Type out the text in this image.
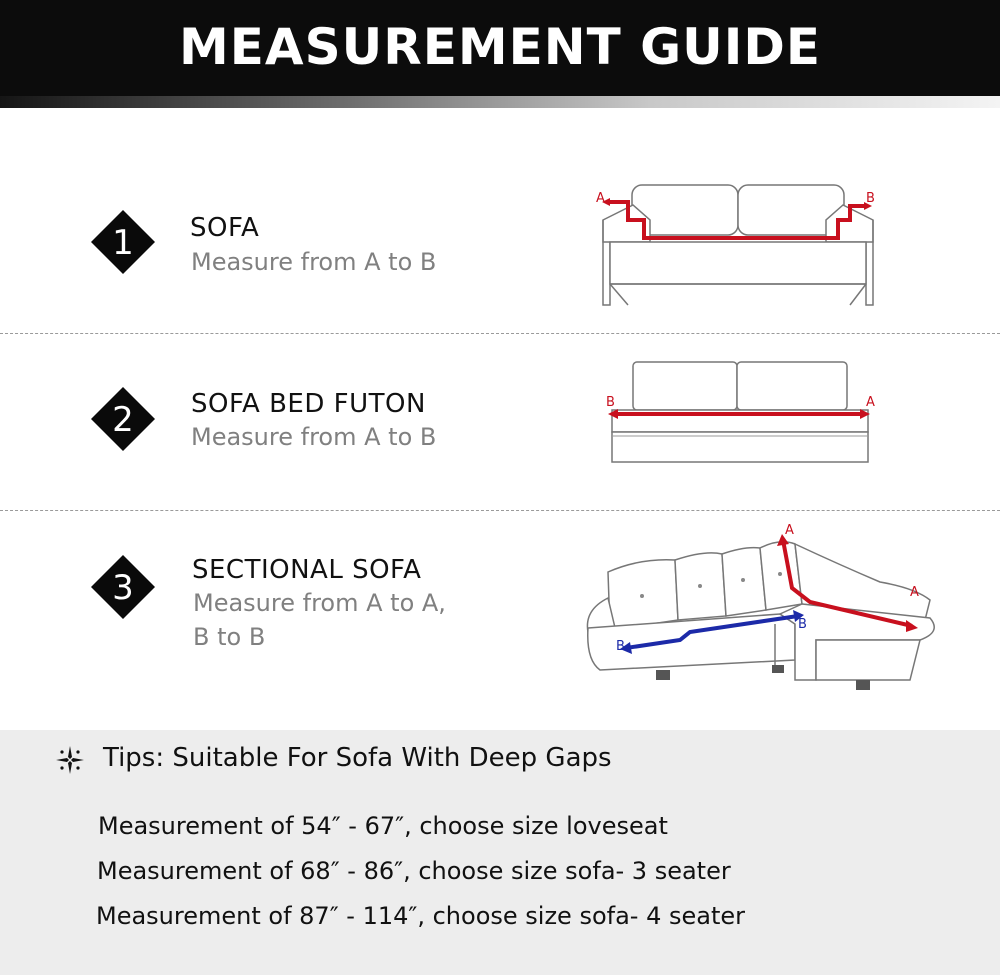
MEASUREMENT GUIDE
1 SOFA
Measure from A to B
A	B
2 SOFA BED FUTON
Measure from A to B
B	A
3 SECTIONAL SOFA
Measure from A to A,
B to B
A
A
B
B
Tips: Suitable For Sofa With Deep Gaps
Measurement of 54″ - 67″, choose size loveseat
Measurement of 68″ - 86″, choose size sofa- 3 seater
Measurement of 87″ - 114″, choose size sofa- 4 seater
